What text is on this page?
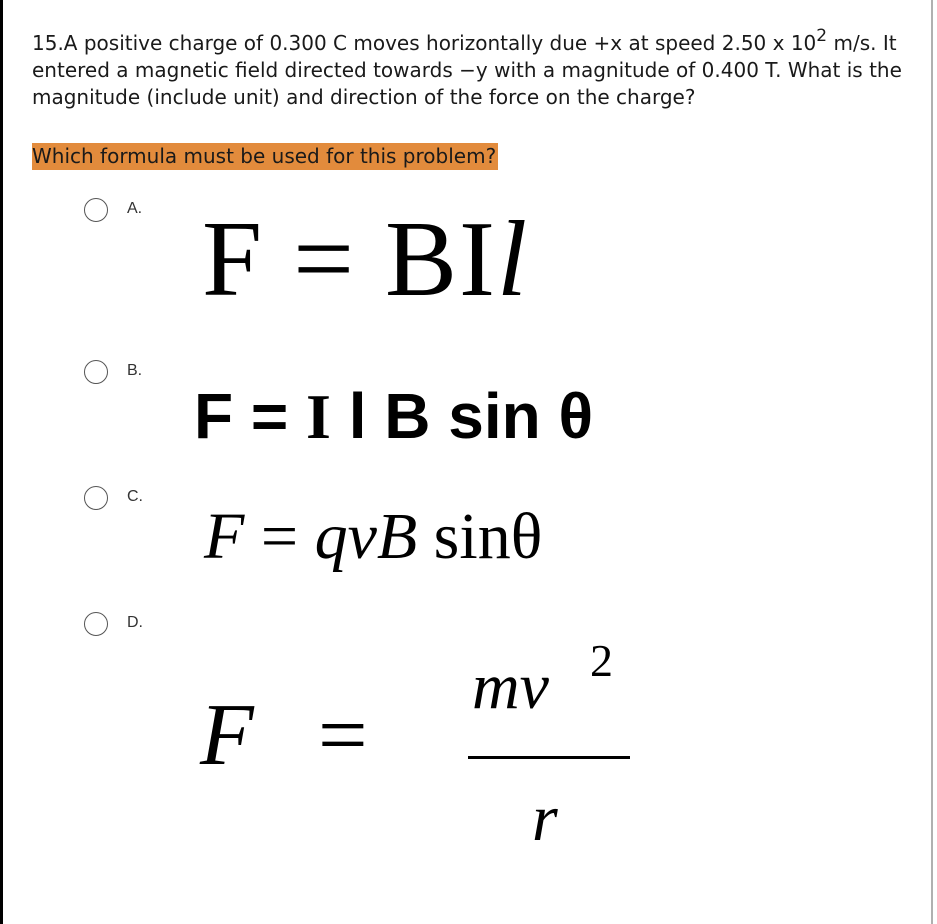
15.A positive charge of 0.300 C moves horizontally due +x at speed 2.50 x $10^2$ m/s. It entered a magnetic field directed towards −y with a magnitude of 0.400 T. What is the magnitude (include unit) and direction of the force on the charge?
Which formula must be used for this problem?
A. F = BIl
B.
F = I l B sin θ
C.
F = qvB sinθ
D.
F =
mv 2
r
